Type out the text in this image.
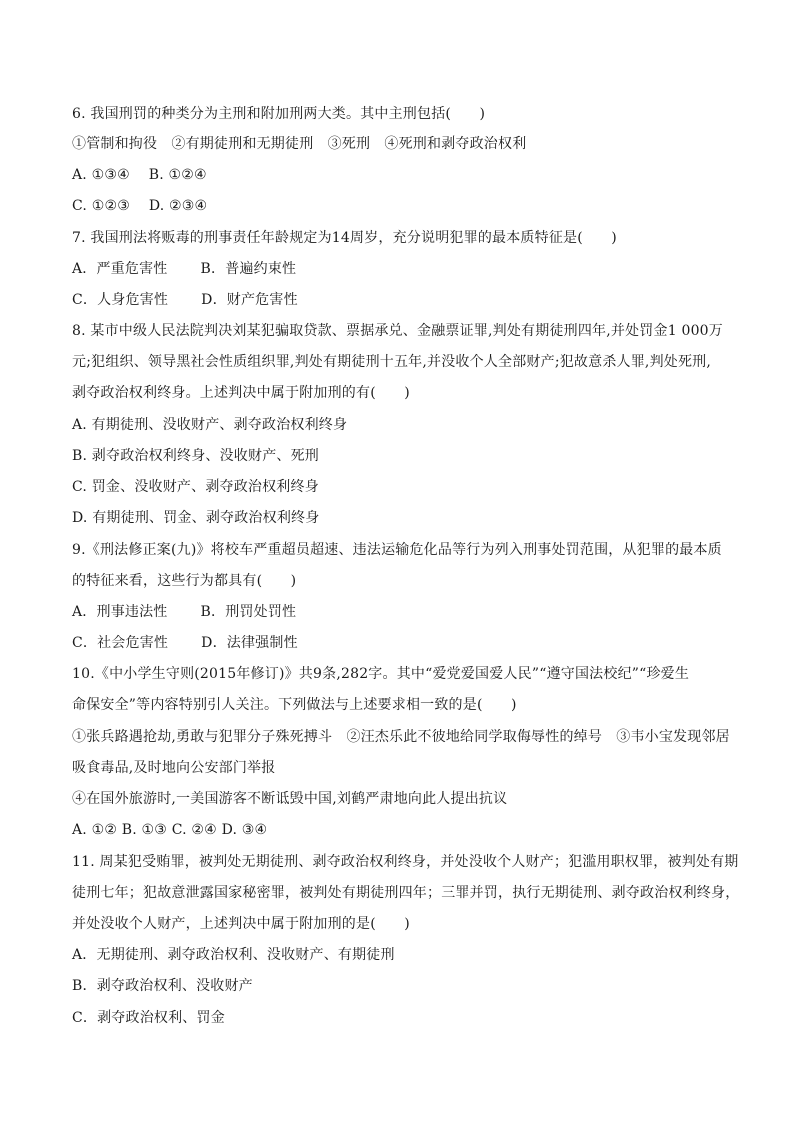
6. 我国刑罚的种类分为主刑和附加刑两大类。其中主刑包括(　　)
①管制和拘役　②有期徒刑和无期徒刑　③死刑　④死刑和剥夺政治权利
A. ①③④　 B. ①②④
C. ①②③　 D. ②③④
7. 我国刑法将贩毒的刑事责任年龄规定为14周岁，充分说明犯罪的最本质特征是(　　)
A．严重危害性　　 B．普遍约束性
C．人身危害性　　 D．财产危害性
8. 某市中级人民法院判决刘某犯骗取贷款、票据承兑、金融票证罪,判处有期徒刑四年,并处罚金1 000万
元;犯组织、领导黑社会性质组织罪,判处有期徒刑十五年,并没收个人全部财产;犯故意杀人罪,判处死刑,
剥夺政治权利终身。上述判决中属于附加刑的有(　　)
A. 有期徒刑、没收财产、剥夺政治权利终身
B. 剥夺政治权利终身、没收财产、死刑
C. 罚金、没收财产、剥夺政治权利终身
D. 有期徒刑、罚金、剥夺政治权利终身
9.《刑法修正案(九)》将校车严重超员超速、违法运输危化品等行为列入刑事处罚范围，从犯罪的最本质
的特征来看，这些行为都具有(　　)
A．刑事违法性　　 B．刑罚处罚性
C．社会危害性　　 D．法律强制性
10.《中小学生守则(2015年修订)》共9条,282字。其中“爱党爱国爱人民”“遵守国法校纪”“珍爱生
命保安全”等内容特别引人关注。下列做法与上述要求相一致的是(　　)
①张兵路遇抢劫,勇敢与犯罪分子殊死搏斗　②汪杰乐此不彼地给同学取侮辱性的绰号　③韦小宝发现邻居
吸食毒品,及时地向公安部门举报
④在国外旅游时,一美国游客不断诋毁中国,刘鹤严肃地向此人提出抗议
A. ①② B. ①③ C. ②④ D. ③④
11. 周某犯受贿罪，被判处无期徒刑、剥夺政治权利终身，并处没收个人财产；犯滥用职权罪，被判处有期
徒刑七年；犯故意泄露国家秘密罪，被判处有期徒刑四年；三罪并罚，执行无期徒刑、剥夺政治权利终身，
并处没收个人财产，上述判决中属于附加刑的是(　　)
A．无期徒刑、剥夺政治权利、没收财产、有期徒刑
B．剥夺政治权利、没收财产
C．剥夺政治权利、罚金
